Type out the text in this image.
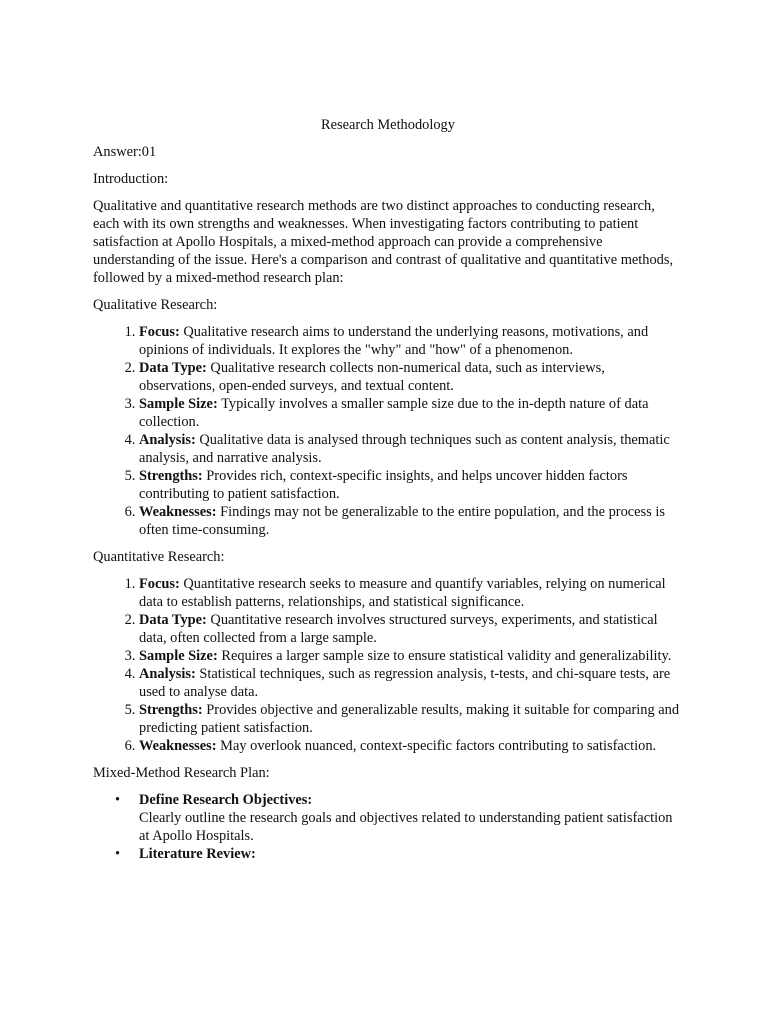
Research Methodology
Answer:01
Introduction:
Qualitative and quantitative research methods are two distinct approaches to conducting research, each with its own strengths and weaknesses. When investigating factors contributing to patient satisfaction at Apollo Hospitals, a mixed-method approach can provide a comprehensive understanding of the issue. Here's a comparison and contrast of qualitative and quantitative methods, followed by a mixed-method research plan:
Qualitative Research:
1. Focus: Qualitative research aims to understand the underlying reasons, motivations, and opinions of individuals. It explores the "why" and "how" of a phenomenon.
2. Data Type: Qualitative research collects non-numerical data, such as interviews, observations, open-ended surveys, and textual content.
3. Sample Size: Typically involves a smaller sample size due to the in-depth nature of data collection.
4. Analysis: Qualitative data is analysed through techniques such as content analysis, thematic analysis, and narrative analysis.
5. Strengths: Provides rich, context-specific insights, and helps uncover hidden factors contributing to patient satisfaction.
6. Weaknesses: Findings may not be generalizable to the entire population, and the process is often time-consuming.
Quantitative Research:
1. Focus: Quantitative research seeks to measure and quantify variables, relying on numerical data to establish patterns, relationships, and statistical significance.
2. Data Type: Quantitative research involves structured surveys, experiments, and statistical data, often collected from a large sample.
3. Sample Size: Requires a larger sample size to ensure statistical validity and generalizability.
4. Analysis: Statistical techniques, such as regression analysis, t-tests, and chi-square tests, are used to analyse data.
5. Strengths: Provides objective and generalizable results, making it suitable for comparing and predicting patient satisfaction.
6. Weaknesses: May overlook nuanced, context-specific factors contributing to satisfaction.
Mixed-Method Research Plan:
• Define Research Objectives:
Clearly outline the research goals and objectives related to understanding patient satisfaction at Apollo Hospitals.
• Literature Review:
